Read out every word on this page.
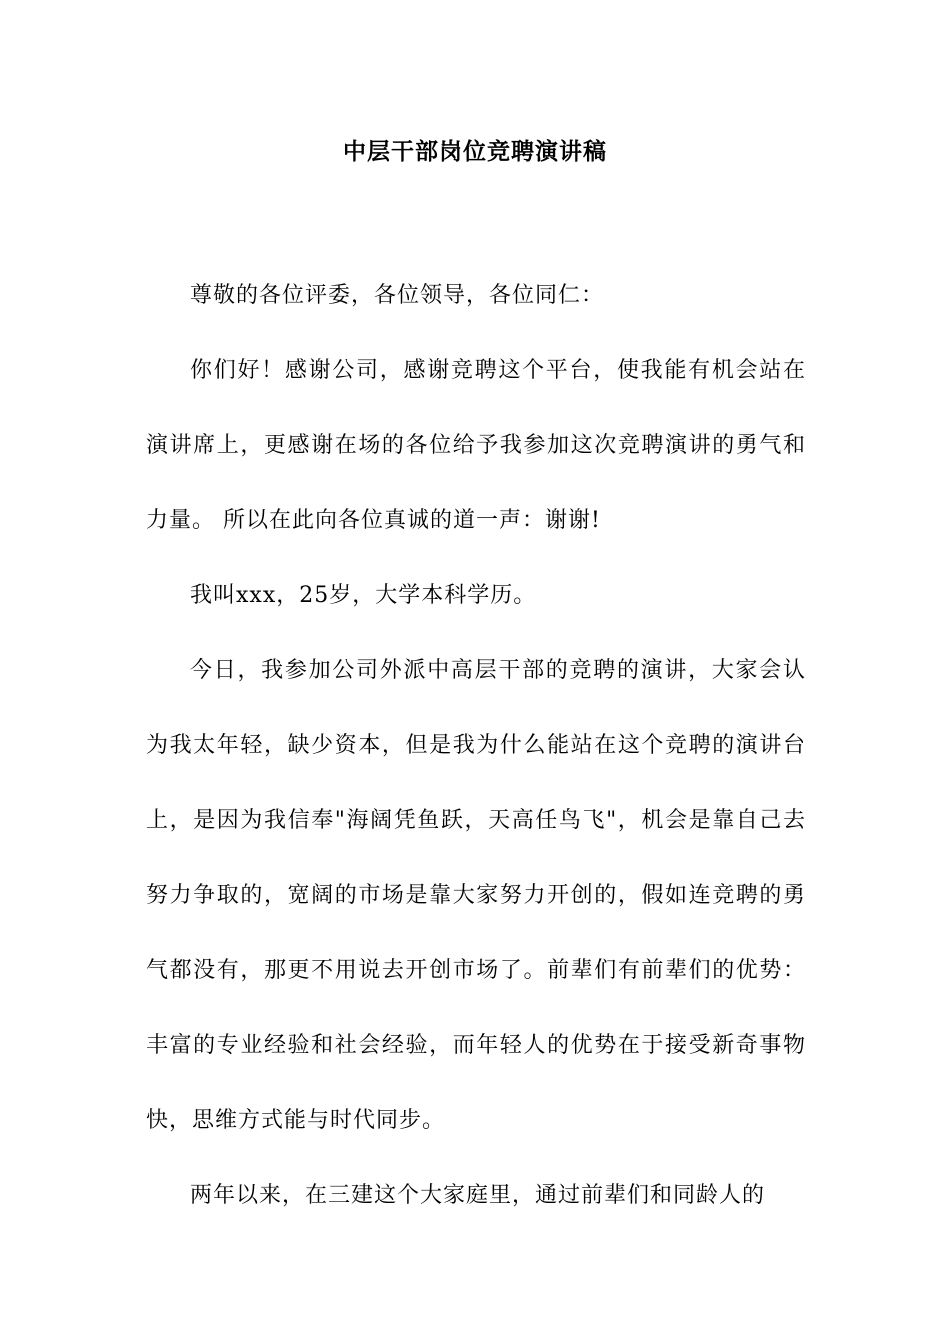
中层干部岗位竞聘演讲稿

尊敬的各位评委，各位领导，各位同仁：

你们好！感谢公司，感谢竞聘这个平台，使我能有机会站在演讲席上，更感谢在场的各位给予我参加这次竞聘演讲的勇气和力量。 所以在此向各位真诚的道一声：谢谢!

我叫xxx，25岁，大学本科学历。

今日，我参加公司外派中高层干部的竞聘的演讲，大家会认为我太年轻，缺少资本，但是我为什么能站在这个竞聘的演讲台上，是因为我信奉"海阔凭鱼跃，天高任鸟飞"，机会是靠自己去努力争取的，宽阔的市场是靠大家努力开创的，假如连竞聘的勇气都没有，那更不用说去开创市场了。前辈们有前辈们的优势：丰富的专业经验和社会经验，而年轻人的优势在于接受新奇事物快，思维方式能与时代同步。

两年以来，在三建这个大家庭里，通过前辈们和同龄人的
